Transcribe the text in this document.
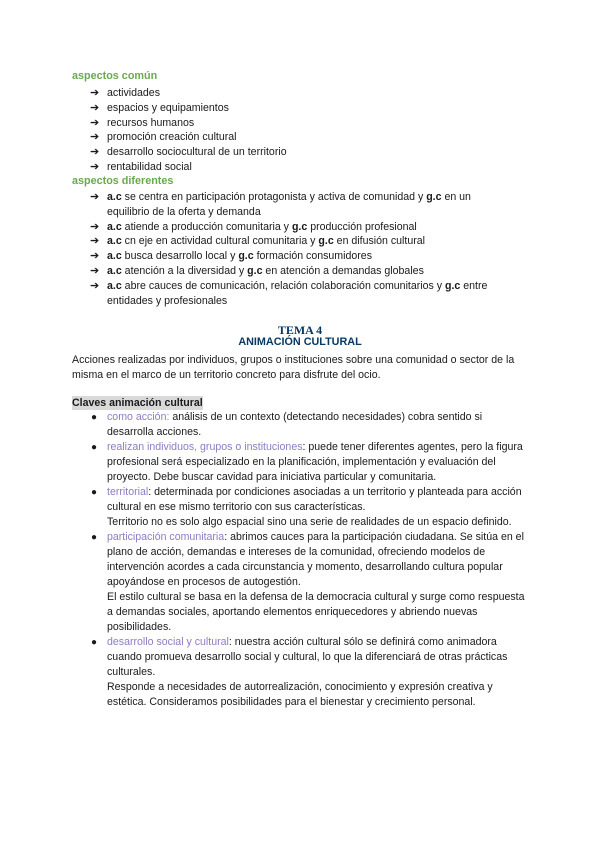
aspectos común
➔ actividades
➔ espacios y equipamientos
➔ recursos humanos
➔ promoción creación cultural
➔ desarrollo sociocultural de un territorio
➔ rentabilidad social
aspectos diferentes
➔ a.c se centra en participación protagonista y activa de comunidad y g.c en un equilibrio de la oferta y demanda
➔ a.c atiende a producción comunitaria y g.c producción profesional
➔ a.c cn eje en actividad cultural comunitaria y g.c en difusión cultural
➔ a.c busca desarrollo local y g.c formación consumidores
➔ a.c atención a la diversidad y g.c en atención a demandas globales
➔ a.c abre cauces de comunicación, relación colaboración comunitarios y g.c entre entidades y profesionales
TEMA 4
ANIMACIÓN CULTURAL
Acciones realizadas por individuos, grupos o instituciones sobre una comunidad o sector de la misma en el marco de un territorio concreto para disfrute del ocio.
Claves animación cultural
● como acción: análisis de un contexto (detectando necesidades) cobra sentido si desarrolla acciones.
● realizan individuos, grupos o instituciones: puede tener diferentes agentes, pero la figura profesional será especializado en la planificación, implementación y evaluación del proyecto. Debe buscar cavidad para iniciativa particular y comunitaria.
● territorial: determinada por condiciones asociadas a un territorio y planteada para acción cultural en ese mismo territorio con sus características.
Territorio no es solo algo espacial sino una serie de realidades de un espacio definido.
● participación comunitaria: abrimos cauces para la participación ciudadana. Se sitúa en el plano de acción, demandas e intereses de la comunidad, ofreciendo modelos de intervención acordes a cada circunstancia y momento, desarrollando cultura popular apoyándose en procesos de autogestión.
El estilo cultural se basa en la defensa de la democracia cultural y surge como respuesta a demandas sociales, aportando elementos enriquecedores y abriendo nuevas posibilidades.
● desarrollo social y cultural: nuestra acción cultural sólo se definirá como animadora cuando promueva desarrollo social y cultural, lo que la diferenciará de otras prácticas culturales.
Responde a necesidades de autorrealización, conocimiento y expresión creativa y estética. Consideramos posibilidades para el bienestar y crecimiento personal.
